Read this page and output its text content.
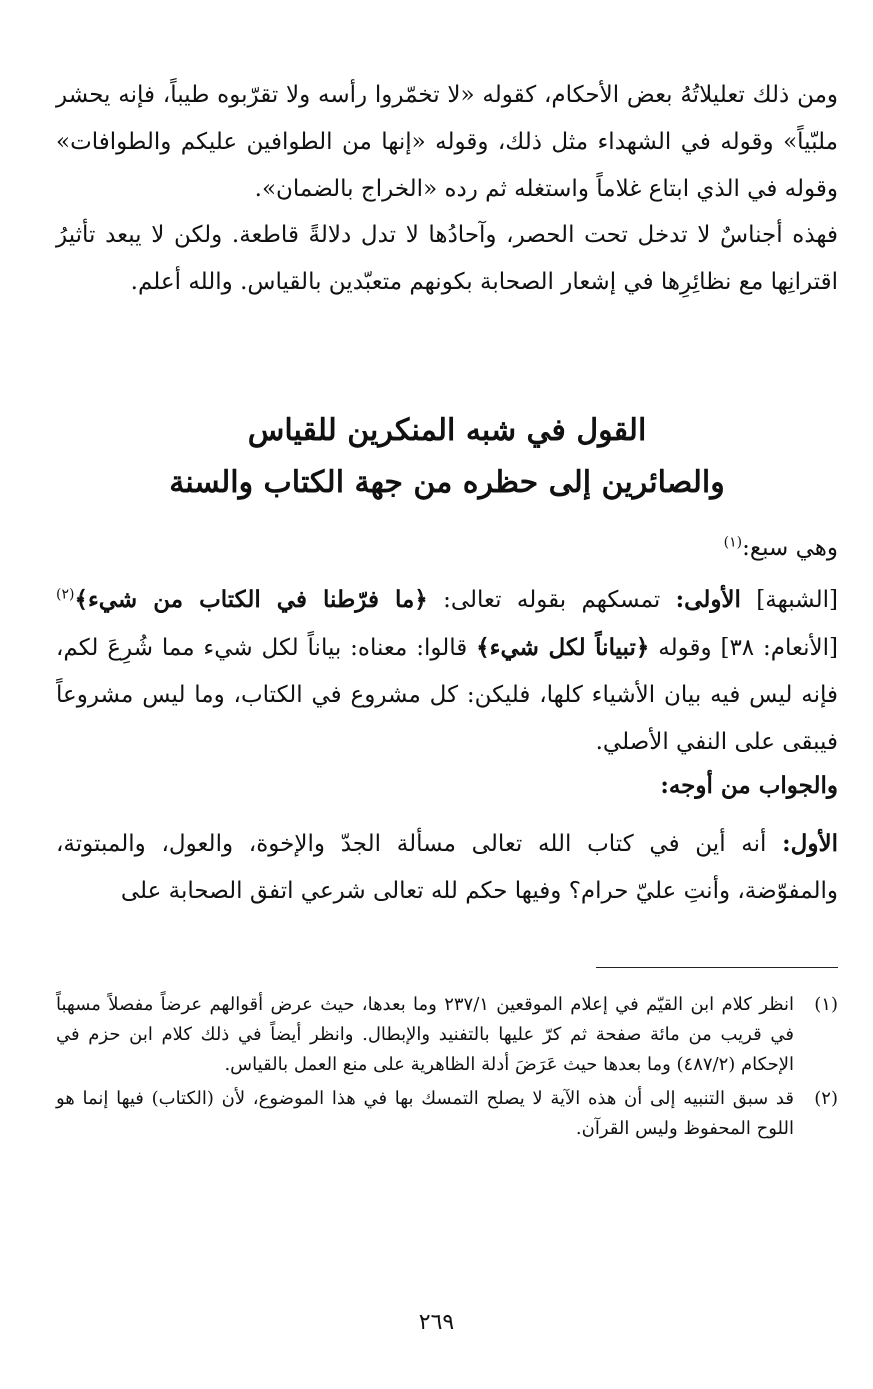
ومن ذلك تعليلاتُهُ بعض الأحكام، كقوله «لا تخمّروا رأسه ولا تقرّبوه طيباً، فإنه يحشر ملبّياً» وقوله في الشهداء مثل ذلك، وقوله «إنها من الطوافين عليكم والطوافات» وقوله في الذي ابتاع غلاماً واستغله ثم رده «الخراج بالضمان».
فهذه أجناسٌ لا تدخل تحت الحصر، وآحادُها لا تدل دلالةً قاطعة. ولكن لا يبعد تأثيرُ اقترانِها مع نظائِرِها في إشعار الصحابة بكونهم متعبّدين بالقياس. والله أعلم.
القول في شبه المنكرين للقياس
والصائرين إلى حظره من جهة الكتاب والسنة
وهي سبع:$^{(١)}$
[الشبهة] الأولى: تمسكهم بقوله تعالى: ﴿ما فرّطنا في الكتاب من شيء﴾$^{(٢)}$ [الأنعام: ٣٨] وقوله ﴿تبياناً لكل شيء﴾ قالوا: معناه: بياناً لكل شيء مما شُرِعَ لكم، فإنه ليس فيه بيان الأشياء كلها، فليكن: كل مشروع في الكتاب، وما ليس مشروعاً فيبقى على النفي الأصلي.
والجواب من أوجه:
الأول: أنه أين في كتاب الله تعالى مسألة الجدّ والإخوة، والعول، والمبتوتة، والمفوّضة، وأنتِ عليّ حرام؟ وفيها حكم لله تعالى شرعي اتفق الصحابة على
(١)
انظر كلام ابن القيّم في إعلام الموقعين ٢٣٧/١ وما بعدها، حيث عرض أقوالهم عرضاً مفصلاً مسهباً في قريب من مائة صفحة ثم كرّ عليها بالتفنيد والإبطال. وانظر أيضاً في ذلك كلام ابن حزم في الإحكام (٤٨٧/٢) وما بعدها حيث عَرَضَ أدلة الظاهرية على منع العمل بالقياس.
(٢)
قد سبق التنبيه إلى أن هذه الآية لا يصلح التمسك بها في هذا الموضوع، لأن (الكتاب) فيها إنما هو اللوح المحفوظ وليس القرآن.
٢٦٩
